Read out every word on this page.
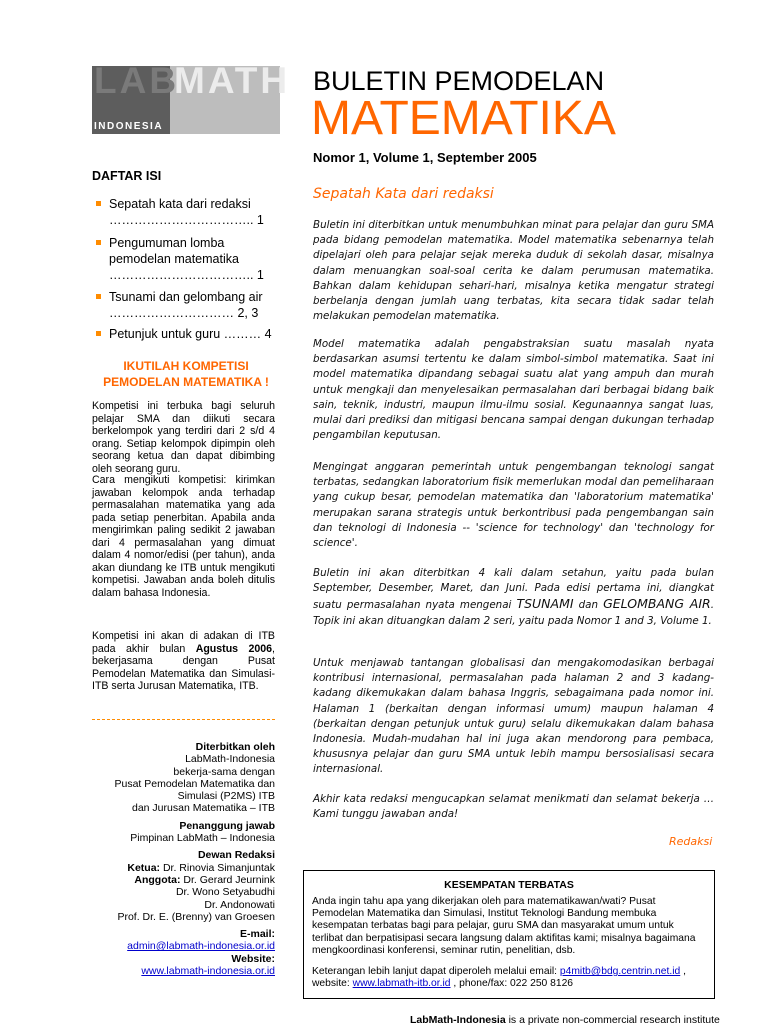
LAB
MATH
INDONESIA
BULETIN PEMODELAN
MATEMATIKA
Nomor 1, Volume 1, September 2005
DAFTAR ISI
Sepatah kata dari redaksi
…………………………….. 1
Pengumuman lomba
pemodelan matematika
…………………………….. 1
Tsunami dan gelombang air
………………………… 2, 3
Petunjuk untuk guru ……… 4
IKUTILAH KOMPETISI
PEMODELAN MATEMATIKA !
Kompetisi ini terbuka bagi seluruh pelajar SMA dan diikuti secara berkelompok yang terdiri dari 2 s/d 4 orang. Setiap kelompok dipimpin oleh seorang ketua dan dapat dibimbing oleh seorang guru.
Cara mengikuti kompetisi: kirimkan jawaban kelompok anda terhadap permasalahan matematika yang ada pada setiap penerbitan. Apabila anda mengirimkan paling sedikit 2 jawaban dari 4 permasalahan yang dimuat dalam 4 nomor/edisi (per tahun), anda akan diundang ke ITB untuk mengikuti kompetisi. Jawaban anda boleh ditulis dalam bahasa Indonesia.
Kompetisi ini akan di adakan di ITB pada akhir bulan Agustus 2006, bekerjasama dengan Pusat Pemodelan Matematika dan Simulasi-ITB serta Jurusan Matematika, ITB.
Diterbitkan oleh
LabMath-Indonesia
bekerja-sama dengan
Pusat Pemodelan Matematika dan
Simulasi (P2MS) ITB
dan Jurusan Matematika – ITB
Penanggung jawab
Pimpinan LabMath – Indonesia
Dewan Redaksi
Ketua: Dr. Rinovia Simanjuntak
Anggota: Dr. Gerard Jeurnink
Dr. Wono Setyabudhi
Dr. Andonowati
Prof. Dr. E. (Brenny) van Groesen
E-mail:
admin@labmath-indonesia.or.id
Website:
www.labmath-indonesia.or.id
Sepatah Kata dari redaksi
Buletin ini diterbitkan untuk menumbuhkan minat para pelajar dan guru SMA pada bidang pemodelan matematika. Model matematika sebenarnya telah dipelajari oleh para pelajar sejak mereka duduk di sekolah dasar, misalnya dalam menuangkan soal-soal cerita ke dalam perumusan matematika. Bahkan dalam kehidupan sehari-hari, misalnya ketika mengatur strategi berbelanja dengan jumlah uang terbatas, kita secara tidak sadar telah melakukan pemodelan matematika.
Model matematika adalah pengabstraksian suatu masalah nyata berdasarkan asumsi tertentu ke dalam simbol-simbol matematika. Saat ini model matematika dipandang sebagai suatu alat yang ampuh dan murah untuk mengkaji dan menyelesaikan permasalahan dari berbagai bidang baik sain, teknik, industri, maupun ilmu-ilmu sosial. Kegunaannya sangat luas, mulai dari prediksi dan mitigasi bencana sampai dengan dukungan terhadap pengambilan keputusan.
Mengingat anggaran pemerintah untuk pengembangan teknologi sangat terbatas, sedangkan laboratorium fisik memerlukan modal dan pemeliharaan yang cukup besar, pemodelan matematika dan 'laboratorium matematika' merupakan sarana strategis untuk berkontribusi pada pengembangan sain dan teknologi di Indonesia -- 'science for technology' dan 'technology for science'.
Buletin ini akan diterbitkan 4 kali dalam setahun, yaitu pada bulan September, Desember, Maret, dan Juni. Pada edisi pertama ini, diangkat suatu permasalahan nyata mengenai TSUNAMI dan GELOMBANG AIR. Topik ini akan dituangkan dalam 2 seri, yaitu pada Nomor 1 and 3, Volume 1.
Untuk menjawab tantangan globalisasi dan mengakomodasikan berbagai kontribusi internasional, permasalahan pada halaman 2 and 3 kadang-kadang dikemukakan dalam bahasa Inggris, sebagaimana pada nomor ini. Halaman 1 (berkaitan dengan informasi umum) maupun halaman 4 (berkaitan dengan petunjuk untuk guru) selalu dikemukakan dalam bahasa Indonesia. Mudah-mudahan hal ini juga akan mendorong para pembaca, khususnya pelajar dan guru SMA untuk lebih mampu bersosialisasi secara internasional.
Akhir kata redaksi mengucapkan selamat menikmati dan selamat bekerja … Kami tunggu jawaban anda!
Redaksi
KESEMPATAN TERBATAS
Anda ingin tahu apa yang dikerjakan oleh para matematikawan/wati? Pusat Pemodelan Matematika dan Simulasi, Institut Teknologi Bandung membuka kesempatan terbatas bagi para pelajar, guru SMA dan masyarakat umum untuk terlibat dan berpatisipasi secara langsung dalam aktifitas kami; misalnya bagaimana mengkoordinasi konferensi, seminar rutin, penelitian, dsb.
Keterangan lebih lanjut dapat diperoleh melalui email: p4mitb@bdg.centrin.net.id , website: www.labmath-itb.or.id , phone/fax: 022 250 8126
LabMath-Indonesia is a private non-commercial research institute
